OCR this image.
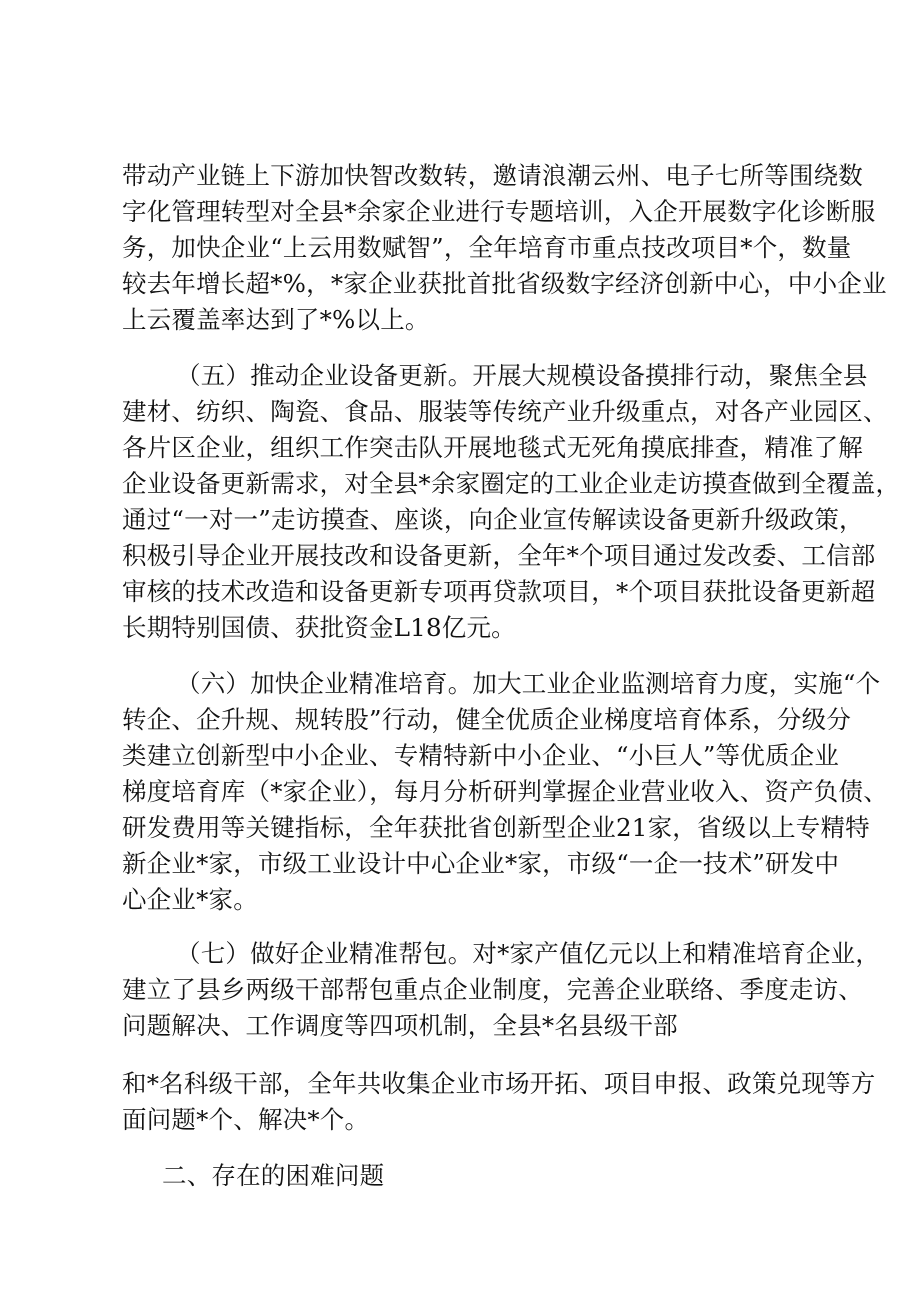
带动产业链上下游加快智改数转，邀请浪潮云州、电子七所等围绕数
字化管理转型对全县*余家企业进行专题培训，入企开展数字化诊断服
务，加快企业“上云用数赋智”，全年培育市重点技改项目*个，数量
较去年增长超*%，*家企业获批首批省级数字经济创新中心，中小企业
上云覆盖率达到了*%以上。
（五）推动企业设备更新。开展大规模设备摸排行动，聚焦全县
建材、纺织、陶瓷、食品、服装等传统产业升级重点，对各产业园区、
各片区企业，组织工作突击队开展地毯式无死角摸底排查，精准了解
企业设备更新需求，对全县*余家圈定的工业企业走访摸查做到全覆盖，
通过“一对一”走访摸查、座谈，向企业宣传解读设备更新升级政策，
积极引导企业开展技改和设备更新，全年*个项目通过发改委、工信部
审核的技术改造和设备更新专项再贷款项目，*个项目获批设备更新超
长期特别国债、获批资金L18亿元。
（六）加快企业精准培育。加大工业企业监测培育力度，实施“个
转企、企升规、规转股”行动，健全优质企业梯度培育体系，分级分
类建立创新型中小企业、专精特新中小企业、“小巨人”等优质企业
梯度培育库（*家企业），每月分析研判掌握企业营业收入、资产负债、
研发费用等关键指标，全年获批省创新型企业21家，省级以上专精特
新企业*家，市级工业设计中心企业*家，市级“一企一技术”研发中
心企业*家。
（七）做好企业精准帮包。对*家产值亿元以上和精准培育企业，
建立了县乡两级干部帮包重点企业制度，完善企业联络、季度走访、
问题解决、工作调度等四项机制，全县*名县级干部
和*名科级干部，全年共收集企业市场开拓、项目申报、政策兑现等方
面问题*个、解决*个。
二、存在的困难问题
